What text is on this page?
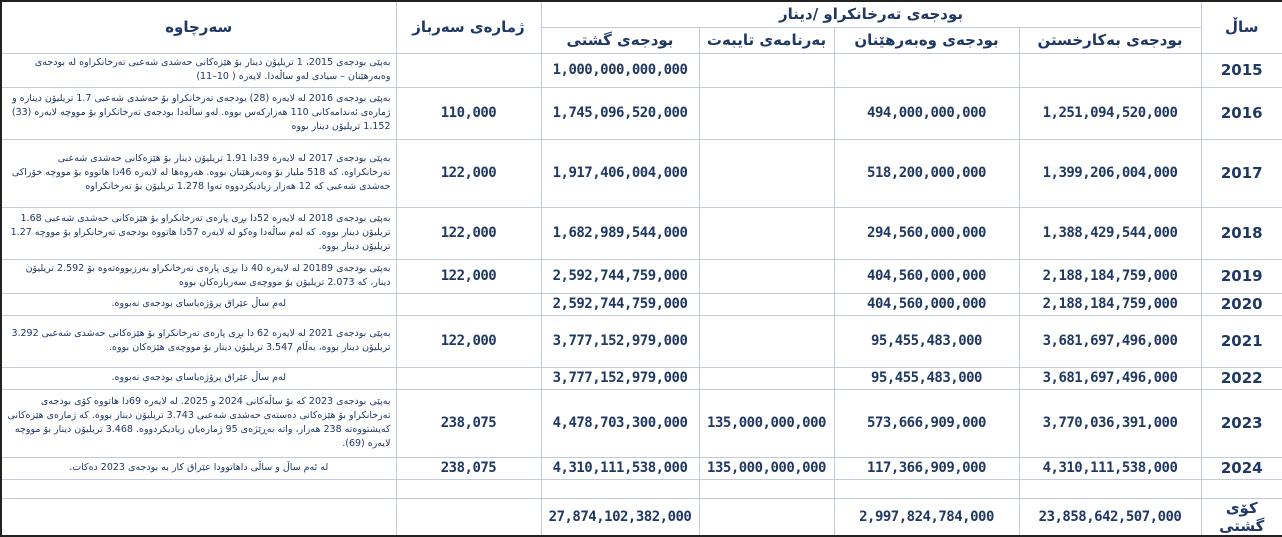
ساڵ	بودجەی تەرخانکراو /دینار				ژمارەی سەرباز	سەرچاوە
	بودجەی بەکارخستن	بودجەی وەبەرهێنان	بەرنامەی تایبەت	بودجەی گشتی		
2015				1,000,000,000,000		بەپێی بودجەی 2015، 1 تریلیۆن دینار بۆ هێزەکانی حەشدی شەعبی تەرخانکراوە لە بودجەی وەبەرهێنان – سیادی لەو ساڵەدا. لایەرە ( 10–11)
2016	1,251,094,520,000	494,000,000,000		1,745,096,520,000	110,000	بەپێی بودجەی 2016 لە لایەرە (28) بودجەی تەرخانکراو بۆ حەشدی شەعبی 1.7 تریلیۆن دینارە و ژمارەی ئەندامەکانی 110 هەزارکەس بووە. لەو ساڵەدا بودجەی تەرخانکراو بۆ مووچە لایەرە (33) 1.152 تریلیۆن دینار بووە
2017	1,399,206,004,000	518,200,000,000		1,917,406,004,000	122,000	بەپێی بودجەی 2017 لە لایەرە 39دا 1.91 تریلیۆن دینار بۆ هێزەکانی حەشدی شەعبی تەرخانکراوە. کە 518 ملیار بۆ وەبەرهێنان بووە. هەروەها لە لایەرە 46دا هاتووە بۆ مووچە خۆراکی حەشدی شەعبی کە 12 هەزار زیادیکردووە تەوا 1.278 تریلیۆن بۆ تەرخانکراوە
2018	1,388,429,544,000	294,560,000,000		1,682,989,544,000	122,000	بەپێی بودجەی 2018 لە لایەرە 52دا بڕی پارەی تەرخانکراو بۆ هێزەکانی حەشدی شەعبی 1.68 تریلیۆن دینار بووە. کە لەم ساڵەدا وەکو لە لایەرە 57دا هاتووە بودجەی تەرخانکراو بۆ مووچە 1.27 تریلیۆن دینار بووە.
2019	2,188,184,759,000	404,560,000,000		2,592,744,759,000	122,000	بەپێی بودجەی 20189 لە لایەرە 40 دا بڕی پارەی تەرخانکراو بەرزبووەتەوە بۆ 2.592 تریلیۆن دینار، کە 2.073 تریلیۆن بۆ مووچەی سەربازەکان بووە
2020	2,188,184,759,000	404,560,000,000		2,592,744,759,000		لەم ساڵ عێراق پرۆژەیاسای بودجەی نەبووە.
2021	3,681,697,496,000	95,455,483,000		3,777,152,979,000	122,000	بەپێی بودجەی 2021 لە لایەرە 62 دا بڕی پارەی تەرخانکراو بۆ هێزەکانی حەشدی شەعبی 3.292 تریلیۆن دینار بووە، بەڵام 3.547 تریلیۆن دینار بۆ مووچەی هێزەکان بووە.
2022	3,681,697,496,000	95,455,483,000		3,777,152,979,000		لەم ساڵ عێراق پرۆژەیاسای بودجەی نەبووە.
2023	3,770,036,391,000	573,666,909,000	135,000,000,000	4,478,703,300,000	238,075	بەپێی بودجەی 2023 کە بۆ ساڵەکانی 2024 و 2025. لە لایەرە 69دا هاتووە کۆی بودجەی تەرخانکراو بۆ هێزەکانی دەستەی حەشدی شەعبی 3.743 تریلیۆن دینار بووە. کە ژمارەی هێزەکانی کەیشتووەتە 238 هەزار، واتە بەڕێژەی 95 ژمارەیان زیادیکردووە. 3.468 تریلیۆن دینار بۆ مووچە لایەرە (69).
2024	4,310,111,538,000	117,366,909,000	135,000,000,000	4,310,111,538,000	238,075	لە ئەم ساڵ و ساڵی داهاتوودا عێراق کار بە بودجەی 2023 دەکات.

کۆی گشتی	23,858,642,507,000	2,997,824,784,000		27,874,102,382,000		
